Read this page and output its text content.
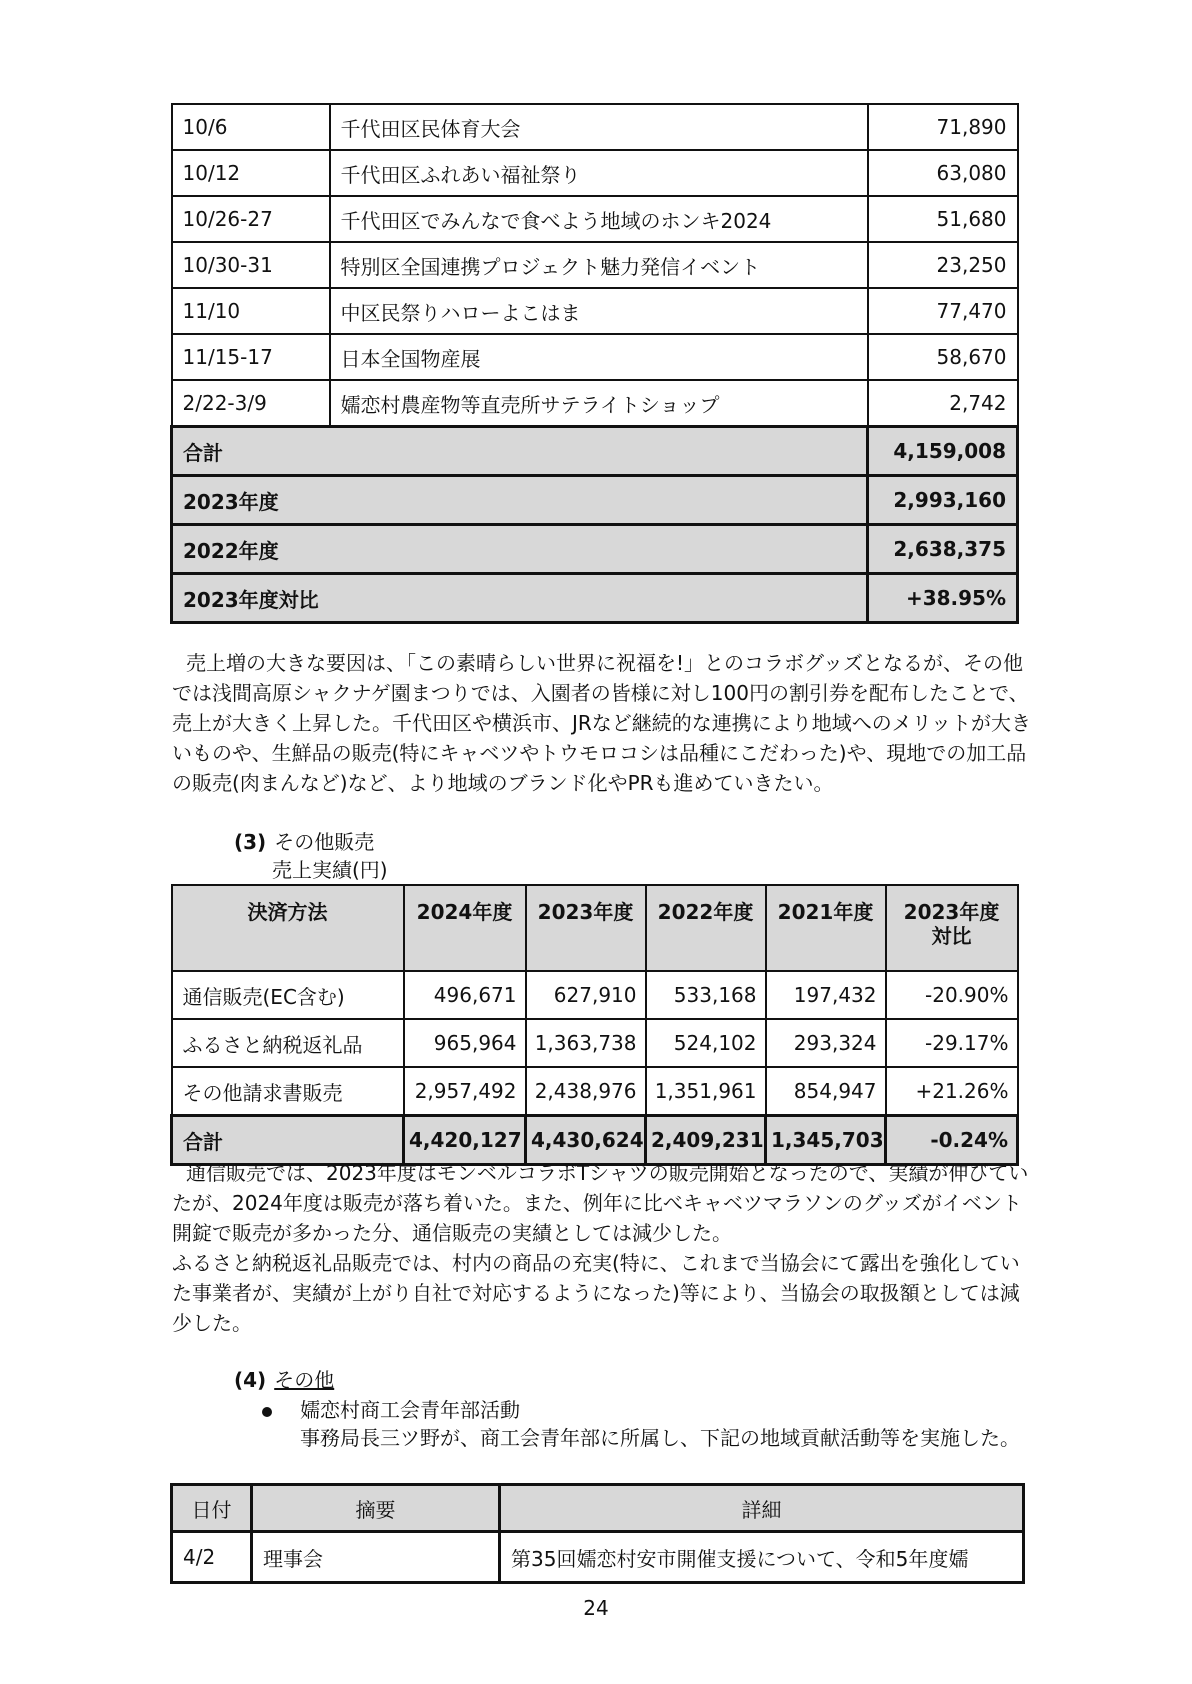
10/6	千代田区民体育大会	71,890
10/12	千代田区ふれあい福祉祭り	63,080
10/26-27	千代田区でみんなで食べよう地域のホンキ2024	51,680
10/30-31	特別区全国連携プロジェクト魅力発信イベント	23,250
11/10	中区民祭りハローよこはま	77,470
11/15-17	日本全国物産展	58,670
2/22-3/9	嬬恋村農産物等直売所サテライトショップ	2,742
合計		4,159,008
2023年度		2,993,160
2022年度		2,638,375
2023年度対比		+38.95%

売上増の大きな要因は、「この素晴らしい世界に祝福を!」とのコラボグッズとなるが、その他では浅間高原シャクナゲ園まつりでは、入園者の皆様に対し100円の割引券を配布したことで、売上が大きく上昇した。千代田区や横浜市、JRなど継続的な連携により地域へのメリットが大きいものや、生鮮品の販売(特にキャベツやトウモロコシは品種にこだわった)や、現地での加工品の販売(肉まんなど)など、より地域のブランド化やPRも進めていきたい。

(3) その他販売
売上実績(円)
決済方法	2024年度	2023年度	2022年度	2021年度	2023年度
対比
通信販売(EC含む)	496,671	627,910	533,168	197,432	-20.90%
ふるさと納税返礼品	965,964	1,363,738	524,102	293,324	-29.17%
その他請求書販売	2,957,492	2,438,976	1,351,961	854,947	+21.26%
合計	4,420,127	4,430,624	2,409,231	1,345,703	-0.24%

通信販売では、2023年度はモンベルコラボTシャツの販売開始となったので、実績が伸びていたが、2024年度は販売が落ち着いた。また、例年に比べキャベツマラソンのグッズがイベント開錠で販売が多かった分、通信販売の実績としては減少した。

ふるさと納税返礼品販売では、村内の商品の充実(特に、これまで当協会にて露出を強化していた事業者が、実績が上がり自社で対応するようになった)等により、当協会の取扱額としては減少した。

(4) その他
嬬恋村商工会青年部活動
事務局長三ツ野が、商工会青年部に所属し、下記の地域貢献活動等を実施した。
日付	摘要	詳細
4/2	理事会	第35回嬬恋村安市開催支援について、令和5年度嬬
24
